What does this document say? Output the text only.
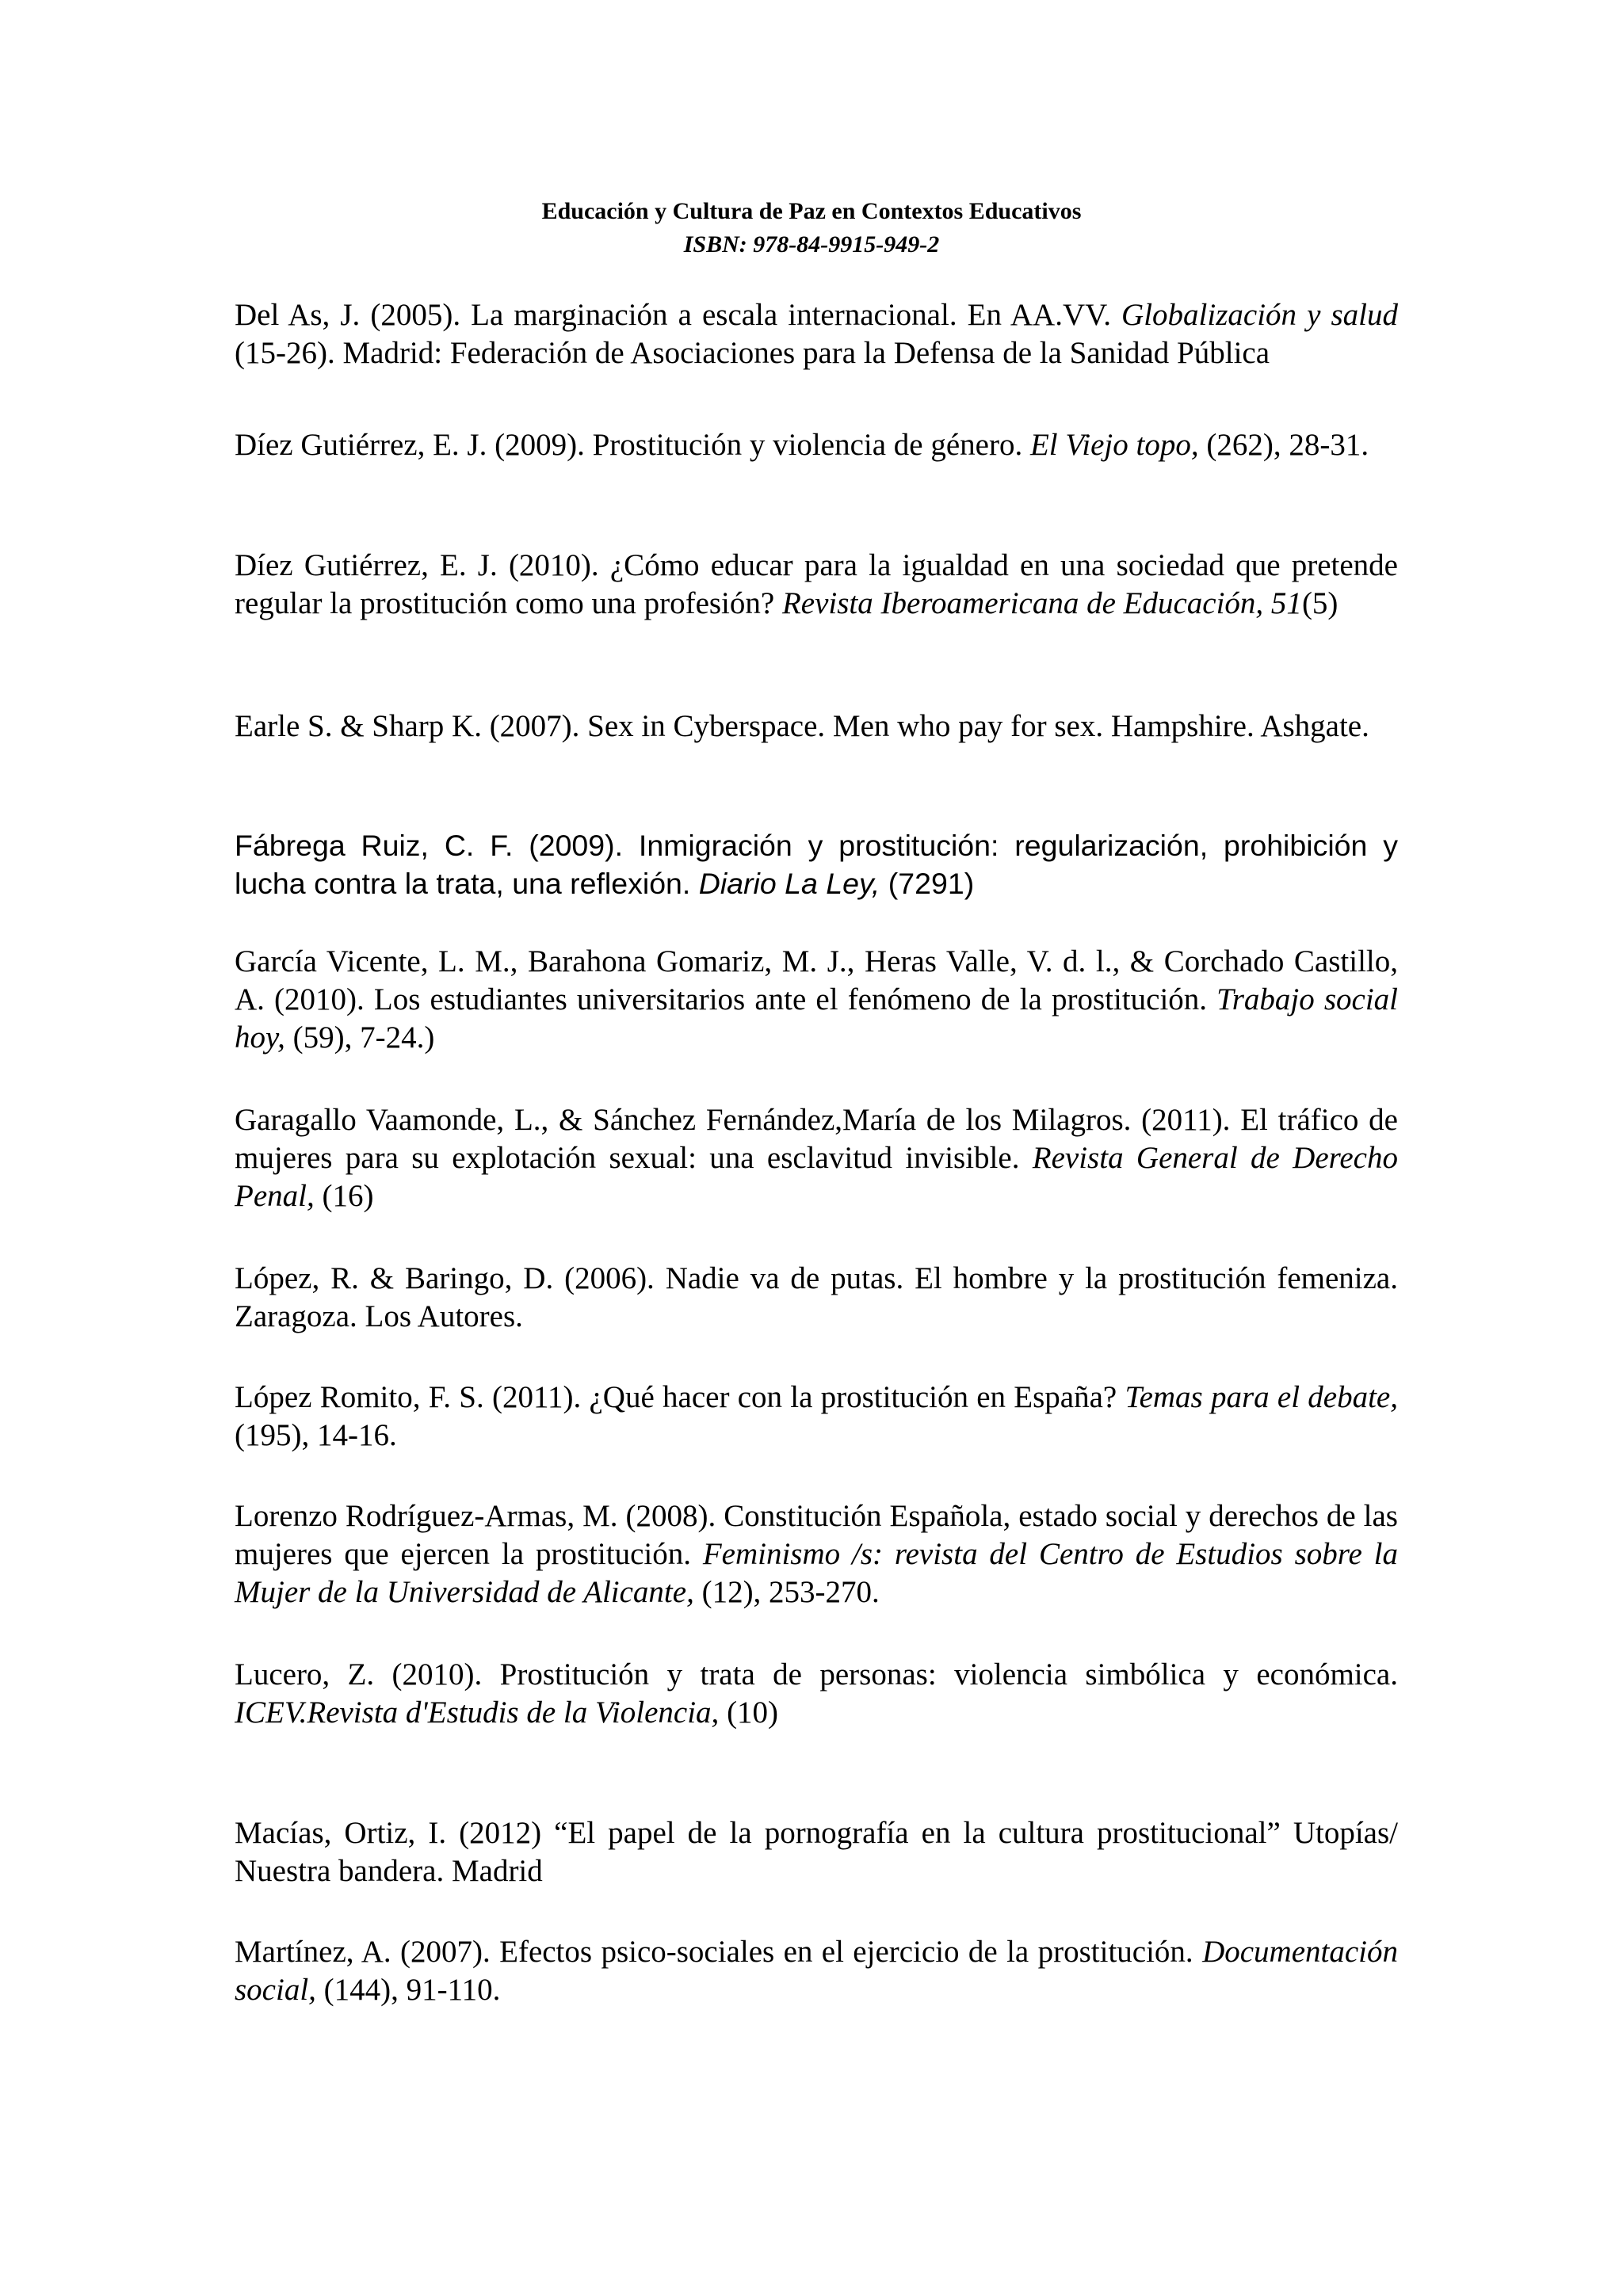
Educación y Cultura de Paz en Contextos Educativos
ISBN: 978-84-9915-949-2

Del As, J. (2005). La marginación a escala internacional. En AA.VV. Globalización y salud (15-26). Madrid: Federación de Asociaciones para la Defensa de la Sanidad Pública

Díez Gutiérrez, E. J. (2009). Prostitución y violencia de género. El Viejo topo, (262), 28-31.

Díez Gutiérrez, E. J. (2010). ¿Cómo educar para la igualdad en una sociedad que pretende regular la prostitución como una profesión? Revista Iberoamericana de Educación, 51(5)

Earle S. & Sharp K. (2007). Sex in Cyberspace. Men who pay for sex. Hampshire. Ashgate.

Fábrega Ruiz, C. F. (2009). Inmigración y prostitución: regularización, prohibición y lucha contra la trata, una reflexión. Diario La Ley, (7291)

García Vicente, L. M., Barahona Gomariz, M. J., Heras Valle, V. d. l., & Corchado Castillo, A. (2010). Los estudiantes universitarios ante el fenómeno de la prostitución. Trabajo social hoy, (59), 7-24.)

Garagallo Vaamonde, L., & Sánchez Fernández,María de los Milagros. (2011). El tráfico de mujeres para su explotación sexual: una esclavitud invisible. Revista General de Derecho Penal, (16)

López, R. & Baringo, D. (2006). Nadie va de putas. El hombre y la prostitución femeniza. Zaragoza. Los Autores.

López Romito, F. S. (2011). ¿Qué hacer con la prostitución en España? Temas para el debate, (195), 14-16.

Lorenzo Rodríguez-Armas, M. (2008). Constitución Española, estado social y derechos de las mujeres que ejercen la prostitución. Feminismo /s: revista del Centro de Estudios sobre la Mujer de la Universidad de Alicante, (12), 253-270.

Lucero, Z. (2010). Prostitución y trata de personas: violencia simbólica y económica. ICEV.Revista d'Estudis de la Violencia, (10)

Macías, Ortiz, I. (2012) “El papel de la pornografía en la cultura prostitucional” Utopías/ Nuestra bandera. Madrid

Martínez, A. (2007). Efectos psico-sociales en el ejercicio de la prostitución. Documentación social, (144), 91-110.
